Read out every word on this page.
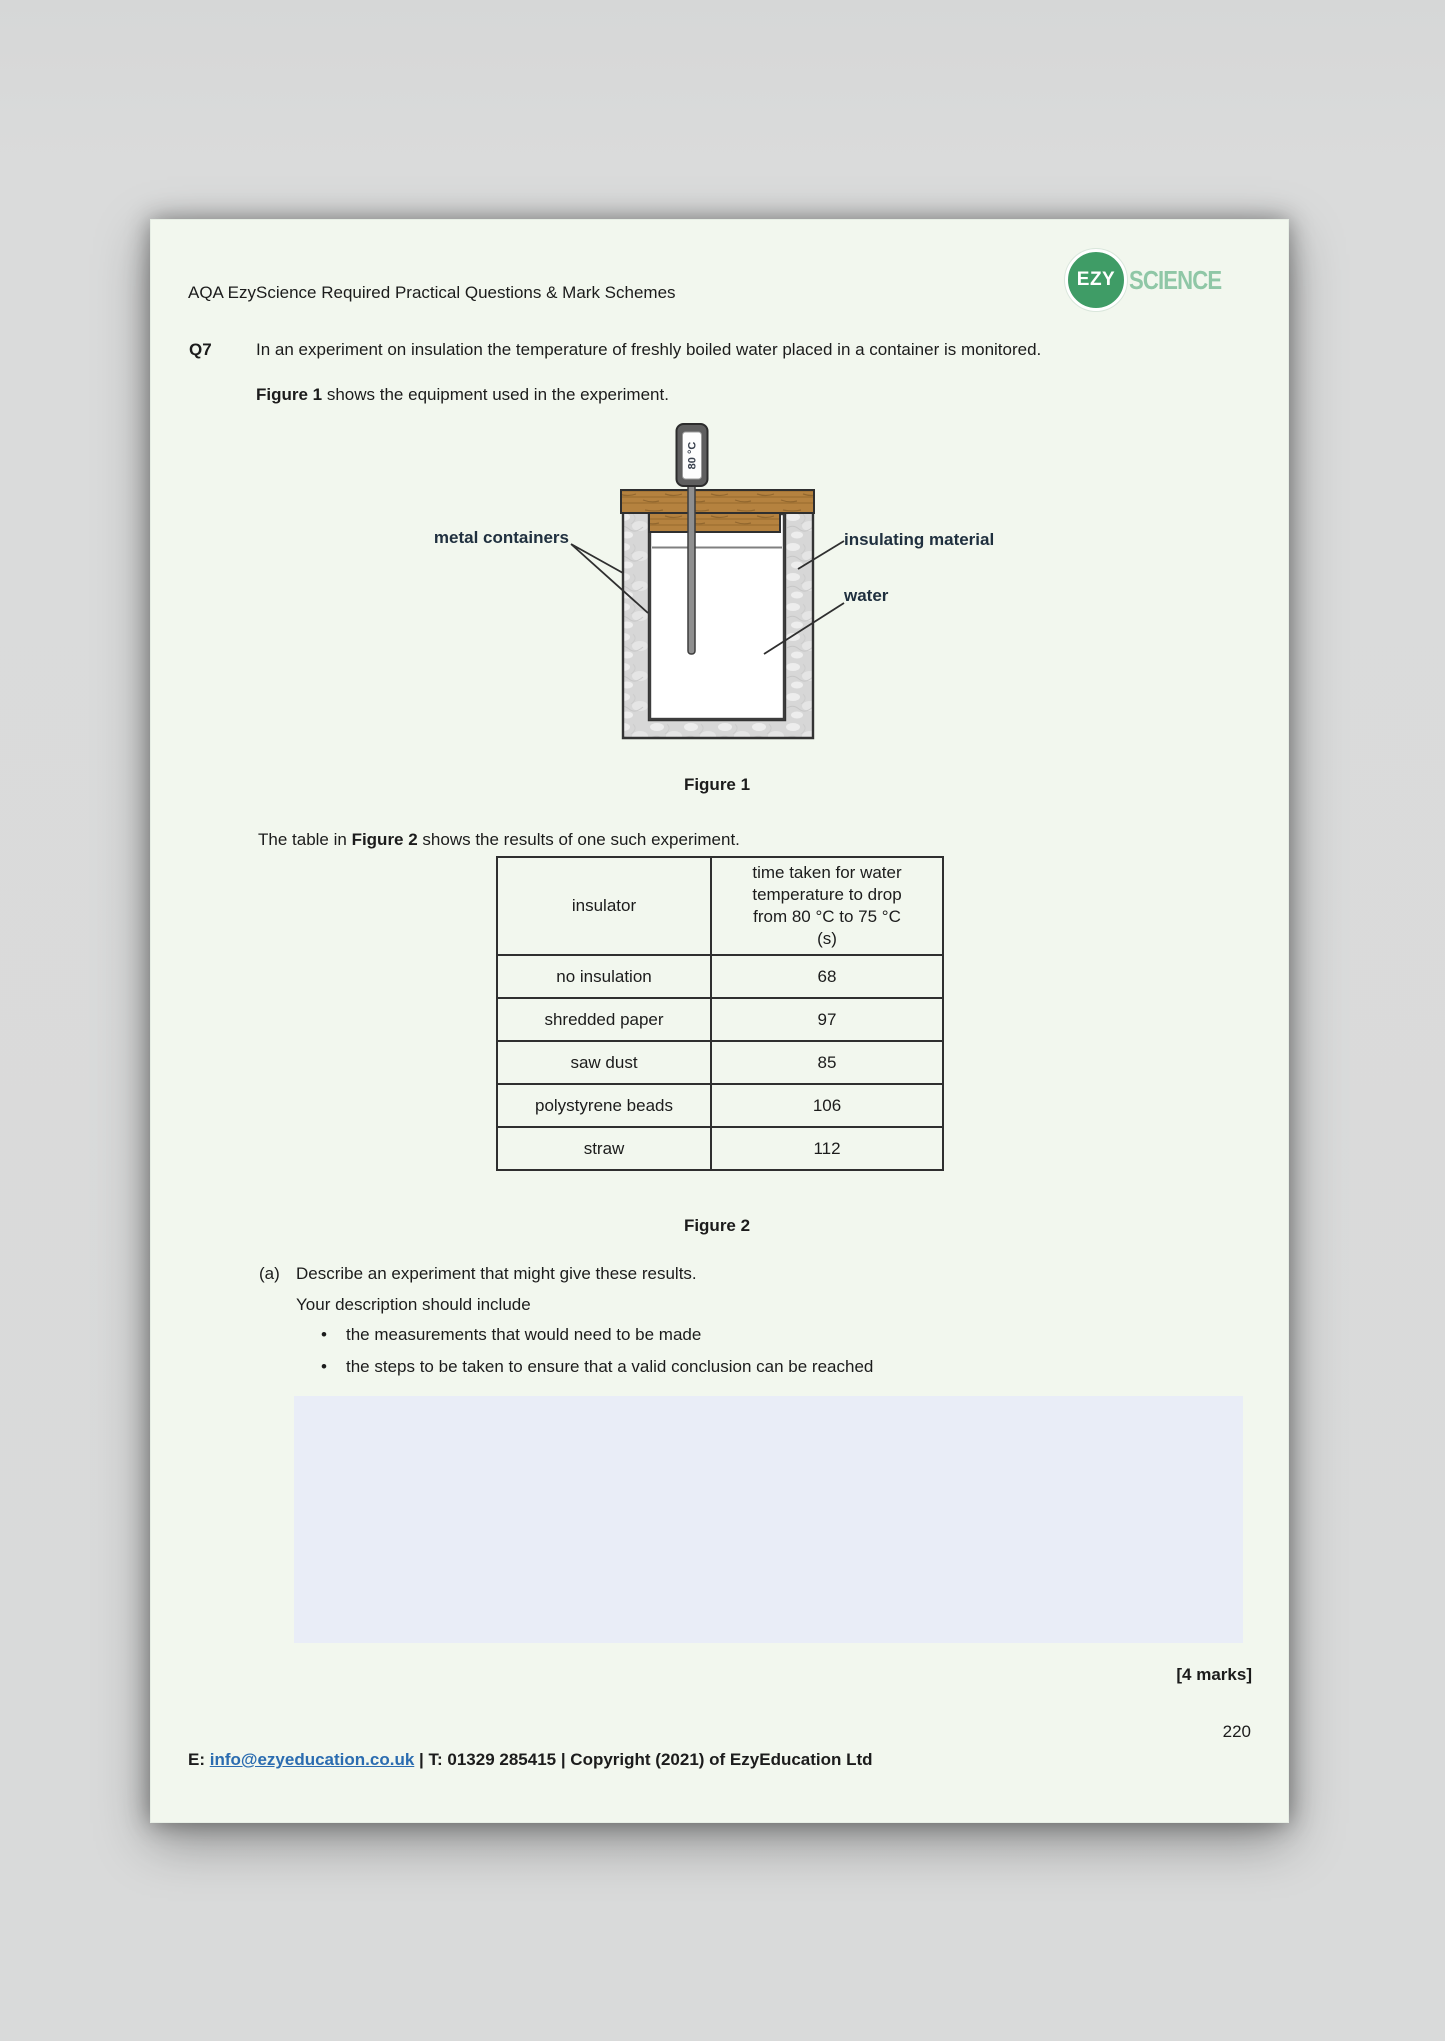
AQA EzyScience Required Practical Questions & Mark Schemes
EZY SCIENCE
Q7	In an experiment on insulation the temperature of freshly boiled water placed in a container is monitored.
Figure 1 shows the equipment used in the experiment.
80 °C
metal containers	insulating material
water
Figure 1
The table in Figure 2 shows the results of one such experiment.
insulator	time taken for water
temperature to drop
from 80 °C to 75 °C
(s)

no insulation	68
shredded paper	97
saw dust	85
polystyrene beads	106
straw	112
Figure 2
(a) Describe an experiment that might give these results.
Your description should include
•	the measurements that would need to be made
•	the steps to be taken to ensure that a valid conclusion can be reached
[4 marks]
220
E: info@ezyeducation.co.uk | T: 01329 285415 | Copyright (2021) of EzyEducation Ltd
